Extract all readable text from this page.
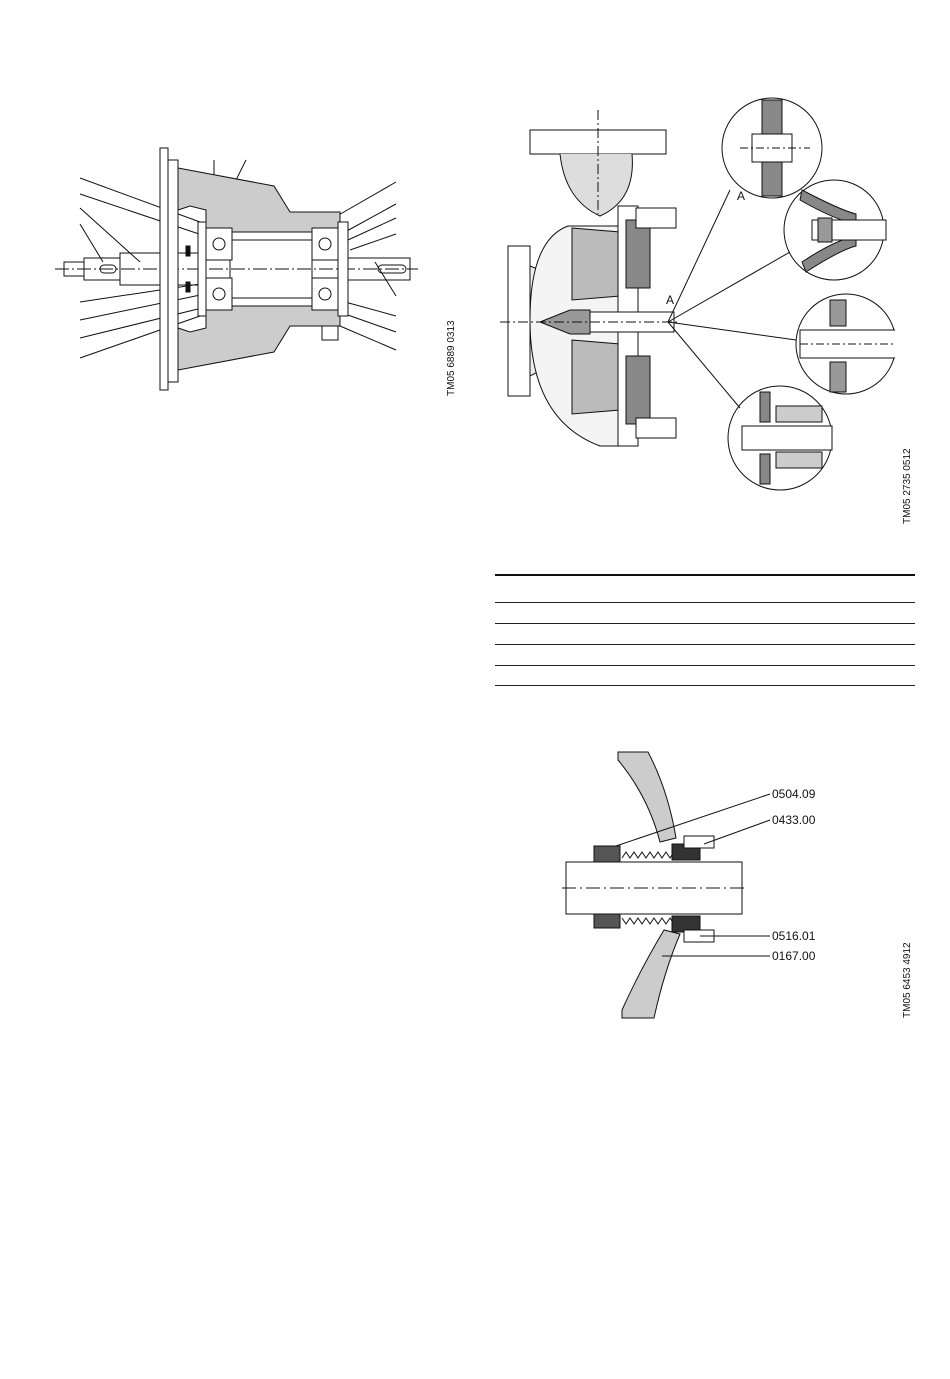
TM05 6889 0313
A
A
TM05 2735 0512
0504.09
0433.00
0516.01
0167.00	TM05 6453 4912
